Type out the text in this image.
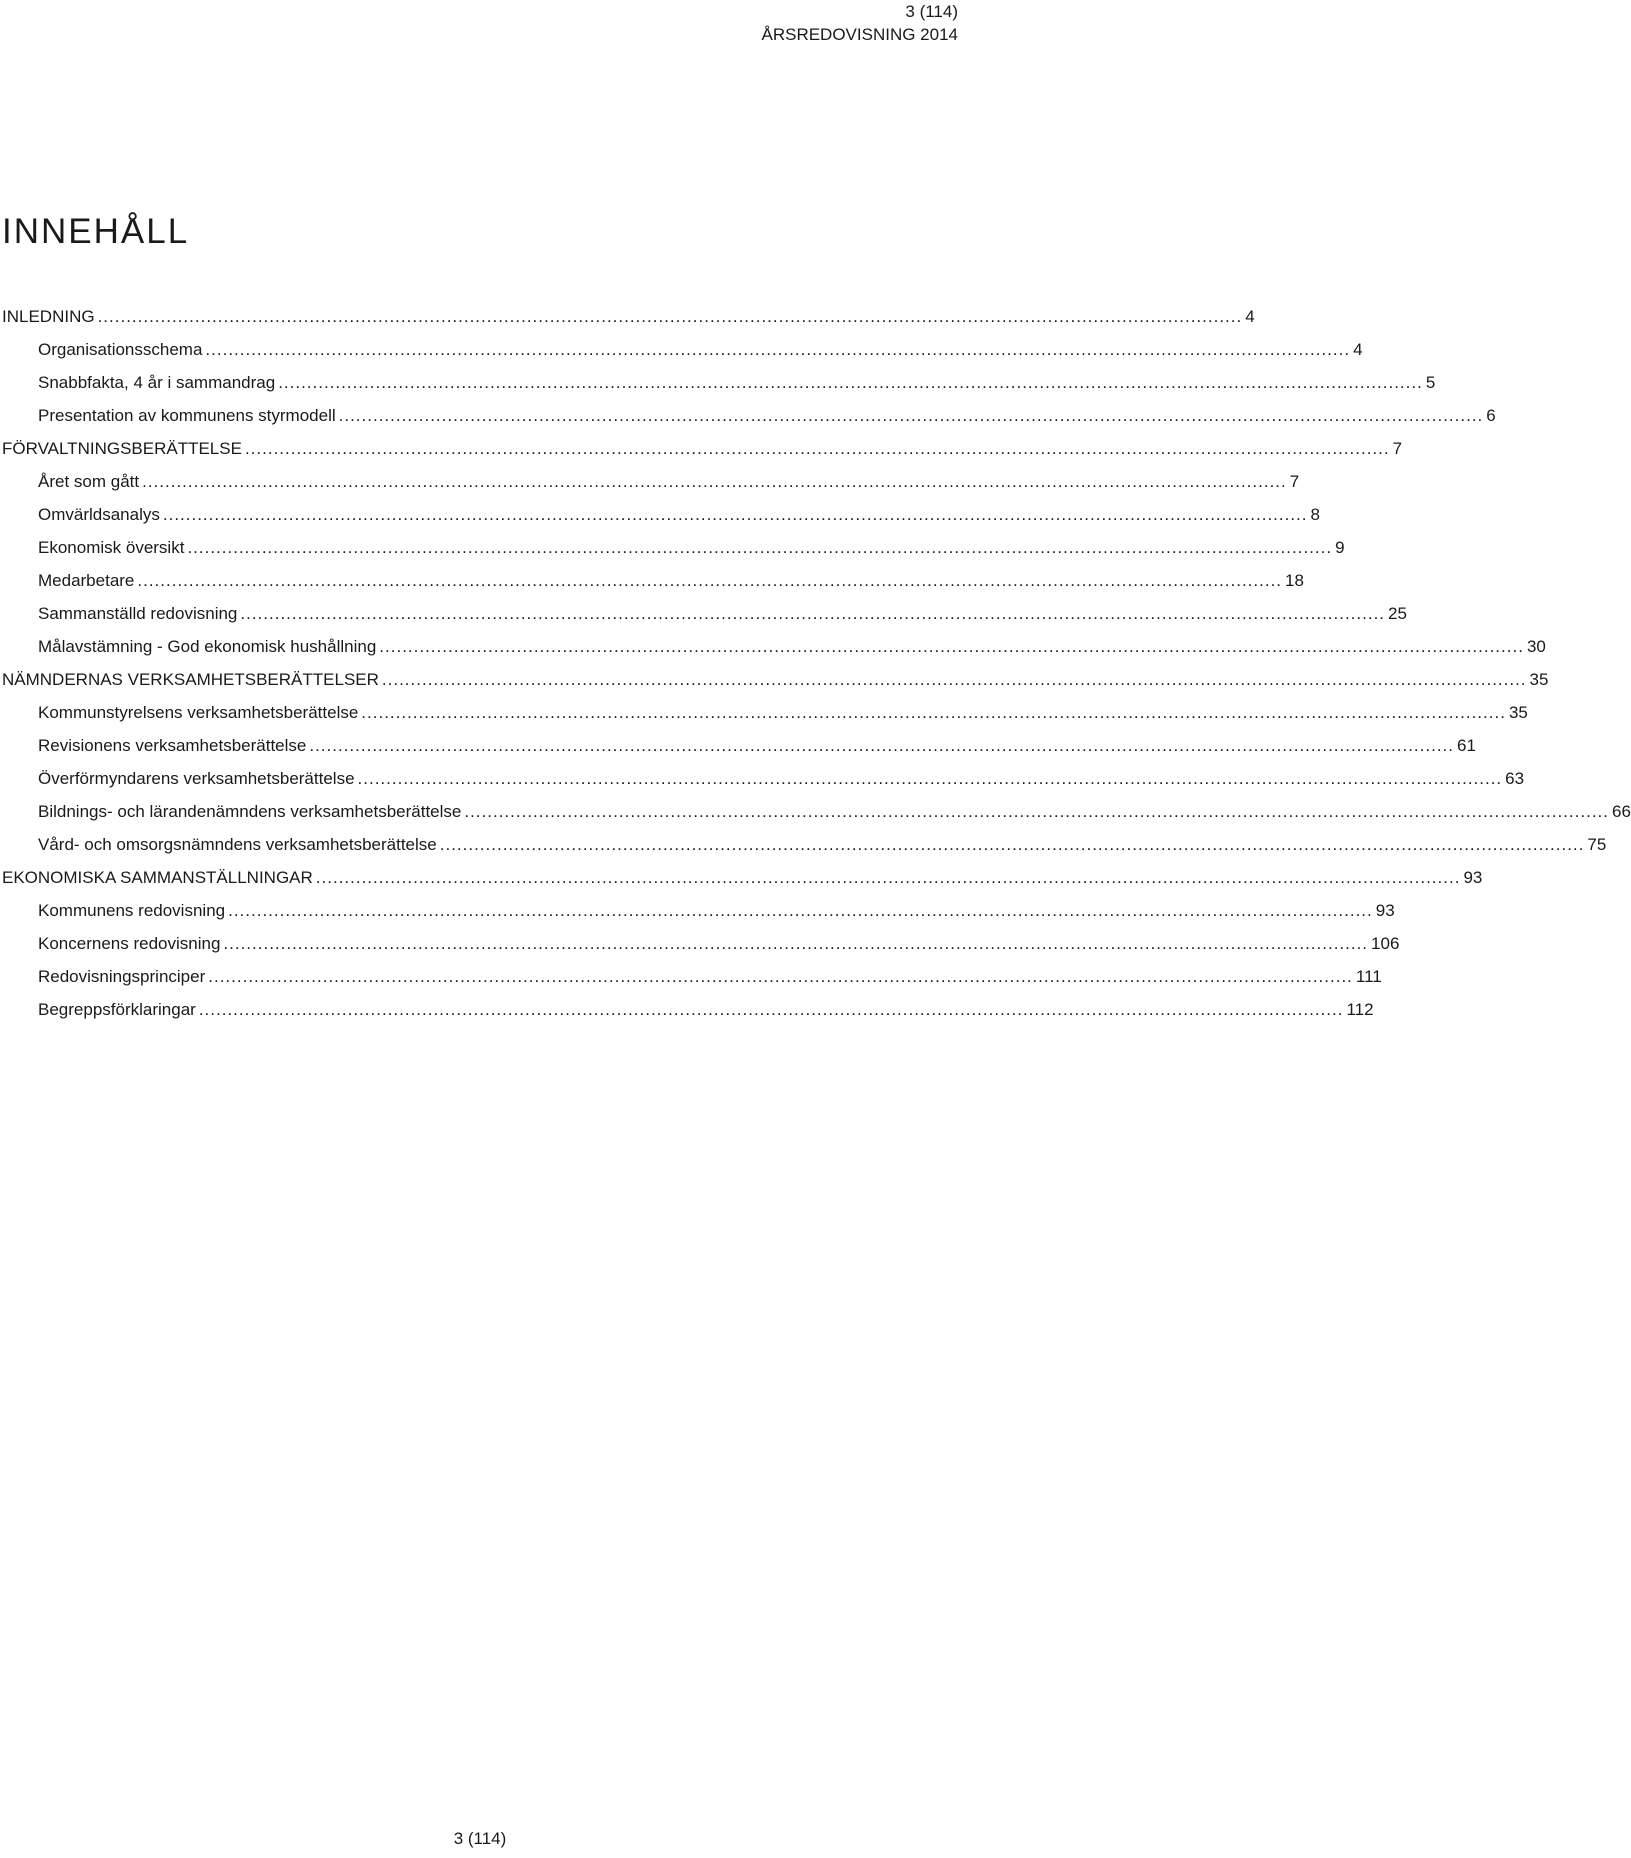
3 (114)
ÅRSREDOVISNING 2014
INNEHÅLL
INLEDNING ........................................................................................................................................................................................................ 4
Organisationsschema ........................................................................................................................................................................................................ 4
Snabbfakta, 4 år i sammandrag ........................................................................................................................................................................................................ 5
Presentation av kommunens styrmodell ........................................................................................................................................................................................................ 6
FÖRVALTNINGSBERÄTTELSE ........................................................................................................................................................................................................ 7
Året som gått ........................................................................................................................................................................................................ 7
Omvärldsanalys ........................................................................................................................................................................................................ 8
Ekonomisk översikt ........................................................................................................................................................................................................ 9
Medarbetare ........................................................................................................................................................................................................ 18
Sammanställd redovisning ........................................................................................................................................................................................................ 25
Målavstämning - God ekonomisk hushållning ........................................................................................................................................................................................................ 30
NÄMNDERNAS VERKSAMHETSBERÄTTELSER ........................................................................................................................................................................................................ 35
Kommunstyrelsens verksamhetsberättelse ........................................................................................................................................................................................................ 35
Revisionens verksamhetsberättelse ........................................................................................................................................................................................................ 61
Överförmyndarens verksamhetsberättelse ........................................................................................................................................................................................................ 63
Bildnings- och lärandenämndens verksamhetsberättelse ........................................................................................................................................................................................................ 66
Vård- och omsorgsnämndens verksamhetsberättelse ........................................................................................................................................................................................................ 75
EKONOMISKA SAMMANSTÄLLNINGAR ........................................................................................................................................................................................................ 93
Kommunens redovisning ........................................................................................................................................................................................................ 93
Koncernens redovisning ........................................................................................................................................................................................................ 106
Redovisningsprinciper ........................................................................................................................................................................................................ 111
Begreppsförklaringar ........................................................................................................................................................................................................ 112
3 (114)
